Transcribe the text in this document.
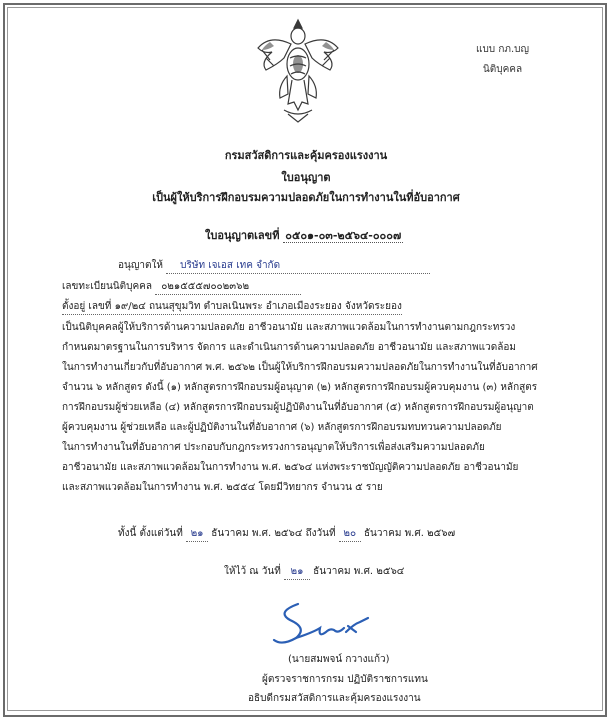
แบบ กภ.บญ
นิติบุคคล
กรมสวัสดิการและคุ้มครองแรงงาน
ใบอนุญาต
เป็นผู้ให้บริการฝึกอบรมความปลอดภัยในการทำงานในที่อับอากาศ
ใบอนุญาตเลขที่ ๐๕๐๑-๐๓-๒๕๖๔-๐๐๐๗
อนุญาตให้ บริษัท เจเอส เทค จำกัด
เลขทะเบียนนิติบุคคล ๐๒๑๕๕๕๗๐๐๒๓๖๒
ตั้งอยู่ เลขที่ ๑๙/๒๔ ถนนสุขุมวิท ตำบลเนินพระ อำเภอเมืองระยอง จังหวัดระยอง
เป็นนิติบุคคลผู้ให้บริการด้านความปลอดภัย อาชีวอนามัย และสภาพแวดล้อมในการทำงานตามกฎกระทรวง
กำหนดมาตรฐานในการบริหาร จัดการ และดำเนินการด้านความปลอดภัย อาชีวอนามัย และสภาพแวดล้อม
ในการทำงานเกี่ยวกับที่อับอากาศ พ.ศ. ๒๕๖๒ เป็นผู้ให้บริการฝึกอบรมความปลอดภัยในการทำงานในที่อับอากาศ
จำนวน ๖ หลักสูตร ดังนี้ (๑) หลักสูตรการฝึกอบรมผู้อนุญาต (๒) หลักสูตรการฝึกอบรมผู้ควบคุมงาน (๓) หลักสูตร
การฝึกอบรมผู้ช่วยเหลือ (๔) หลักสูตรการฝึกอบรมผู้ปฏิบัติงานในที่อับอากาศ (๕) หลักสูตรการฝึกอบรมผู้อนุญาต
ผู้ควบคุมงาน ผู้ช่วยเหลือ และผู้ปฏิบัติงานในที่อับอากาศ (๖) หลักสูตรการฝึกอบรมทบทวนความปลอดภัย
ในการทำงานในที่อับอากาศ ประกอบกับกฎกระทรวงการอนุญาตให้บริการเพื่อส่งเสริมความปลอดภัย
อาชีวอนามัย และสภาพแวดล้อมในการทำงาน พ.ศ. ๒๕๖๔ แห่งพระราชบัญญัติความปลอดภัย อาชีวอนามัย
และสภาพแวดล้อมในการทำงาน พ.ศ. ๒๕๕๔ โดยมีวิทยากร จำนวน ๕ ราย
ทั้งนี้ ตั้งแต่วันที่ ๒๑ ธันวาคม พ.ศ. ๒๕๖๔ ถึงวันที่ ๒๐ ธันวาคม พ.ศ. ๒๕๖๗
ให้ไว้ ณ วันที่ ๒๑ ธันวาคม พ.ศ. ๒๕๖๔
(นายสมพจน์ กวางแก้ว)
ผู้ตรวจราชการกรม ปฏิบัติราชการแทน
อธิบดีกรมสวัสดิการและคุ้มครองแรงงาน
